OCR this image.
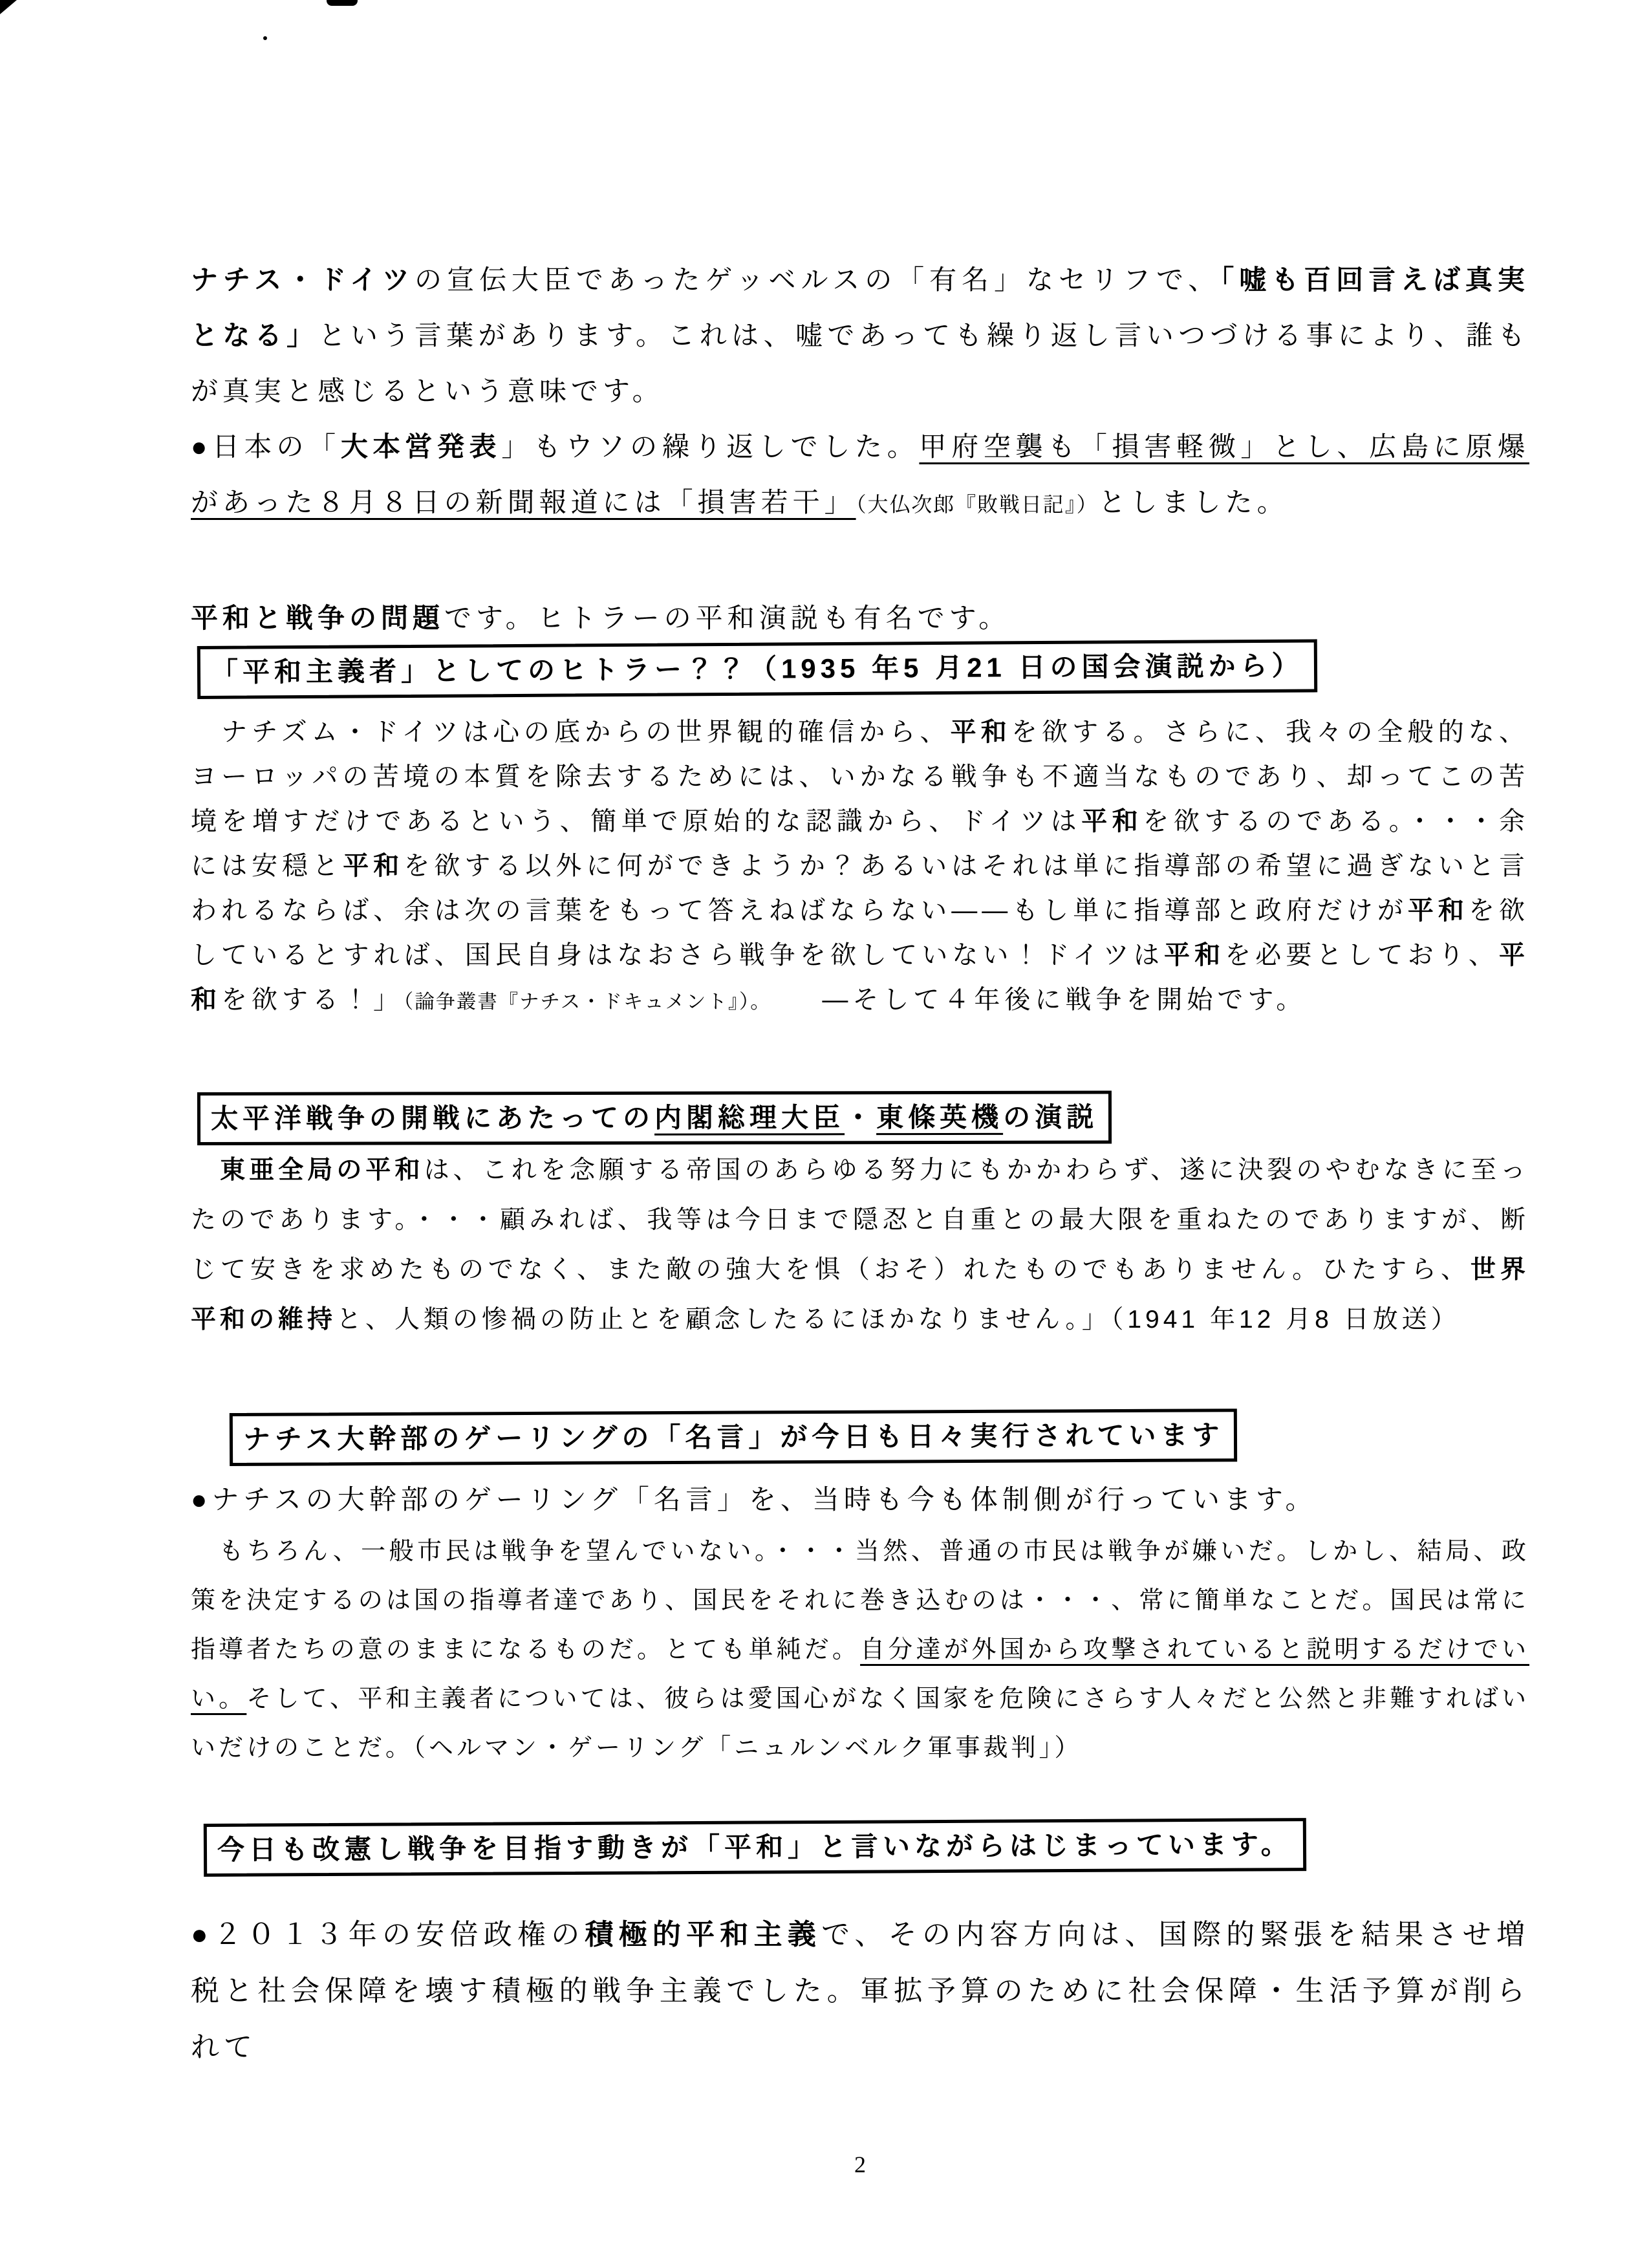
ナチス・ドイツの宣伝大臣であったゲッベルスの「有名」なセリフで、「嘘も百回言えば真実となる」という言葉があります。これは、嘘であっても繰り返し言いつづける事により、誰もが真実と感じるという意味です。

●日本の「大本営発表」もウソの繰り返しでした。甲府空襲も「損害軽微」とし、広島に原爆があった８月８日の新聞報道には「損害若干」（大仏次郎『敗戦日記』）としました。

平和と戦争の問題です。ヒトラーの平和演説も有名です。

「平和主義者」としてのヒトラー？？（1935 年5 月21 日の国会演説から）

　ナチズム・ドイツは心の底からの世界観的確信から、平和を欲する。さらに、我々の全般的な、ヨーロッパの苦境の本質を除去するためには、いかなる戦争も不適当なものであり、却ってこの苦境を増すだけであるという、簡単で原始的な認識から、ドイツは平和を欲するのである。・・・余には安穏と平和を欲する以外に何ができようか？あるいはそれは単に指導部の希望に過ぎないと言われるならば、余は次の言葉をもって答えねばならない――もし単に指導部と政府だけが平和を欲しているとすれば、国民自身はなおさら戦争を欲していない！ドイツは平和を必要としており、平和を欲する！」（論争叢書『ナチス・ドキュメント』）。　　―そして４年後に戦争を開始です。

太平洋戦争の開戦にあたっての内閣総理大臣・東條英機の演説

　東亜全局の平和は、これを念願する帝国のあらゆる努力にもかかわらず、遂に決裂のやむなきに至ったのであります。・・・顧みれば、我等は今日まで隠忍と自重との最大限を重ねたのでありますが、断じて安きを求めたものでなく、また敵の強大を惧（おそ）れたものでもありません。ひたすら、世界平和の維持と、人類の惨禍の防止とを顧念したるにほかなりません。」（1941 年12 月8 日放送）

ナチス大幹部のゲーリングの「名言」が今日も日々実行されています

●ナチスの大幹部のゲーリング「名言」を、当時も今も体制側が行っています。

　もちろん、一般市民は戦争を望んでいない。・・・当然、普通の市民は戦争が嫌いだ。しかし、結局、政策を決定するのは国の指導者達であり、国民をそれに巻き込むのは・・・、常に簡単なことだ。国民は常に指導者たちの意のままになるものだ。とても単純だ。自分達が外国から攻撃されていると説明するだけでいい。そして、平和主義者については、彼らは愛国心がなく国家を危険にさらす人々だと公然と非難すればいいだけのことだ。（ヘルマン・ゲーリング「ニュルンベルク軍事裁判」）

今日も改憲し戦争を目指す動きが「平和」と言いながらはじまっています。

●２０１３年の安倍政権の積極的平和主義で、その内容方向は、国際的緊張を結果させ増税と社会保障を壊す積極的戦争主義でした。軍拡予算のために社会保障・生活予算が削られて

2
